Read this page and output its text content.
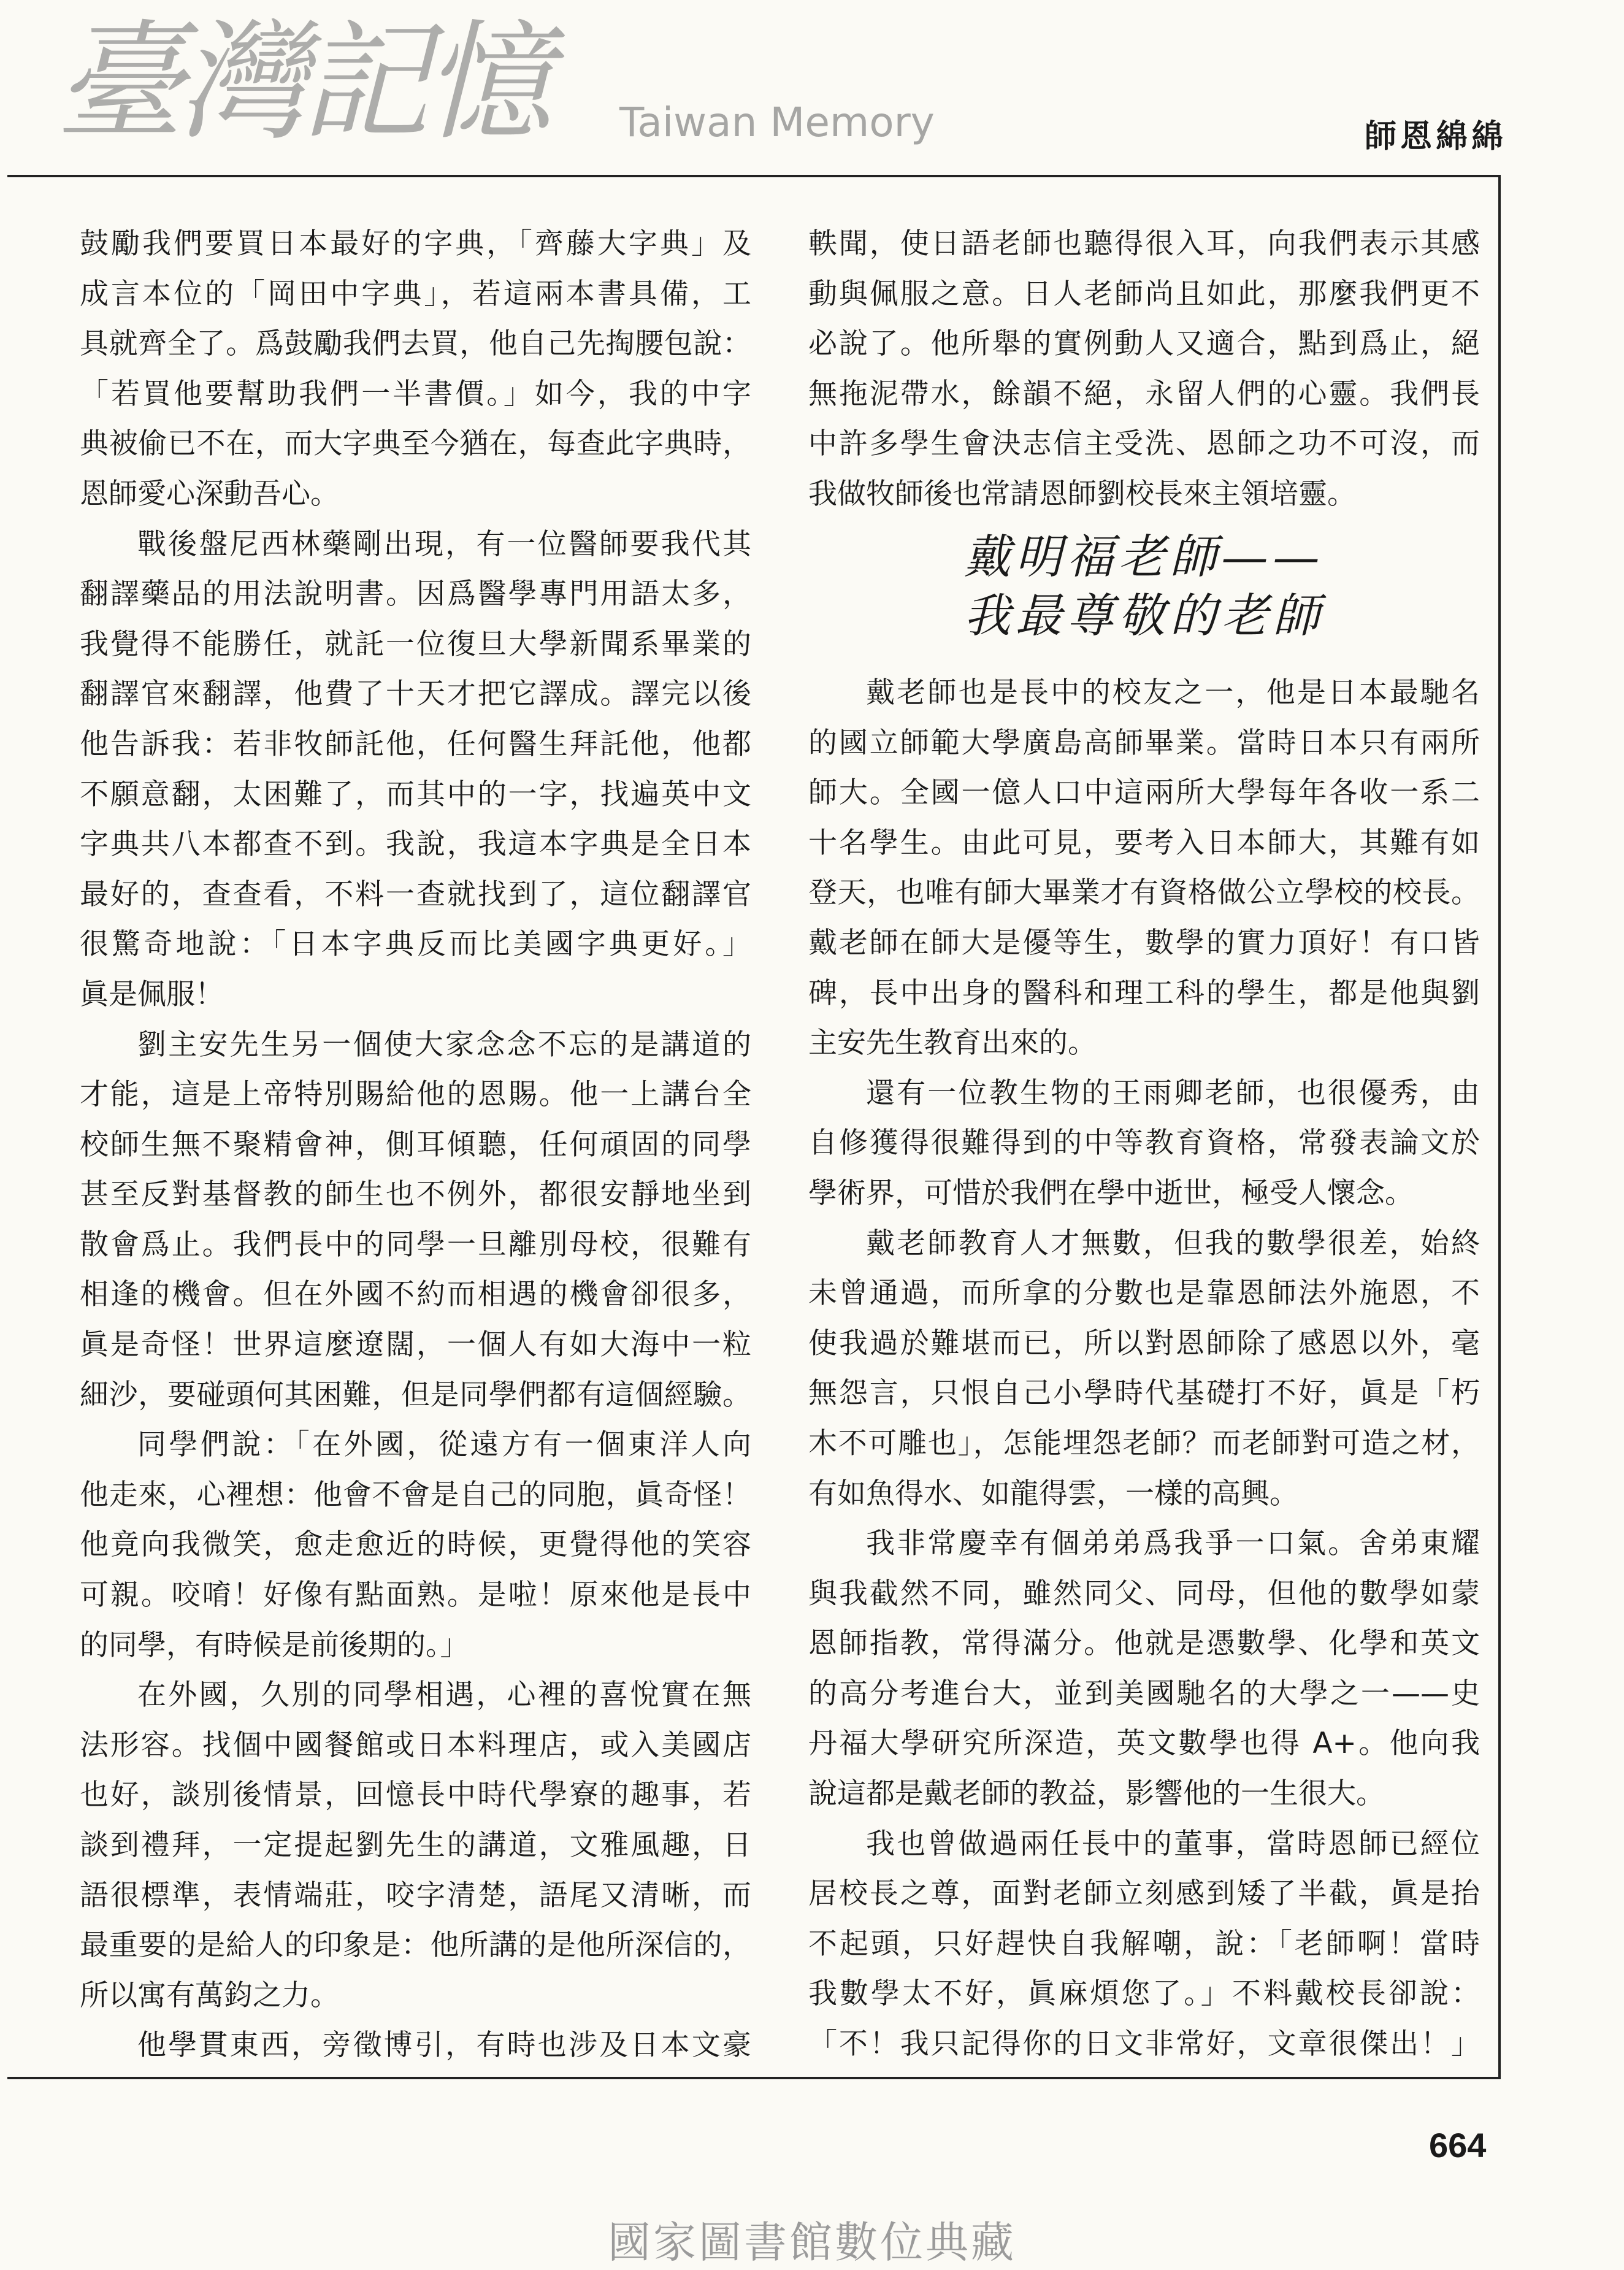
師恩綿綿
臺灣記憶 Taiwan Memory
鼓勵我們要買日本最好的字典，「齊藤大字典」及
成言本位的「岡田中字典」，若這兩本書具備，工
具就齊全了。爲鼓勵我們去買，他自己先掏腰包說：
「若買他要幫助我們一半書價。」如今，我的中字
典被偷已不在，而大字典至今猶在，每查此字典時，
恩師愛心深動吾心。
戰後盤尼西林藥剛出現，有一位醫師要我代其
翻譯藥品的用法說明書。因爲醫學專門用語太多，
我覺得不能勝任，就託一位復旦大學新聞系畢業的
翻譯官來翻譯，他費了十天才把它譯成。譯完以後
他告訴我：若非牧師託他，任何醫生拜託他，他都
不願意翻，太困難了，而其中的一字，找遍英中文
字典共八本都查不到。我說，我這本字典是全日本
最好的，查查看，不料一查就找到了，這位翻譯官
很驚奇地說：「日本字典反而比美國字典更好。」
眞是佩服！
劉主安先生另一個使大家念念不忘的是講道的
才能，這是上帝特別賜給他的恩賜。他一上講台全
校師生無不聚精會神，側耳傾聽，任何頑固的同學
甚至反對基督教的師生也不例外，都很安靜地坐到
散會爲止。我們長中的同學一旦離別母校，很難有
相逢的機會。但在外國不約而相遇的機會卻很多，
眞是奇怪！世界這麼遼闊，一個人有如大海中一粒
細沙，要碰頭何其困難，但是同學們都有這個經驗。
同學們說：「在外國，從遠方有一個東洋人向
他走來，心裡想：他會不會是自己的同胞，眞奇怪！
他竟向我微笑，愈走愈近的時候，更覺得他的笑容
可親。咬唷！好像有點面熟。是啦！原來他是長中
的同學，有時候是前後期的。」
在外國，久別的同學相遇，心裡的喜悅實在無
法形容。找個中國餐館或日本料理店，或入美國店
也好，談別後情景，回憶長中時代學寮的趣事，若
談到禮拜，一定提起劉先生的講道，文雅風趣，日
語很標準，表情端莊，咬字清楚，語尾又清晰，而
最重要的是給人的印象是：他所講的是他所深信的，
所以寓有萬鈞之力。
他學貫東西，旁徵博引，有時也涉及日本文豪
軼聞，使日語老師也聽得很入耳，向我們表示其感
動與佩服之意。日人老師尚且如此，那麼我們更不
必說了。他所舉的實例動人又適合，點到爲止，絕
無拖泥帶水，餘韻不絕，永留人們的心靈。我們長
中許多學生會決志信主受洗、恩師之功不可沒，而
我做牧師後也常請恩師劉校長來主領培靈。
戴明福老師——
我最尊敬的老師
戴老師也是長中的校友之一，他是日本最馳名
的國立師範大學廣島高師畢業。當時日本只有兩所
師大。全國一億人口中這兩所大學每年各收一系二
十名學生。由此可見，要考入日本師大，其難有如
登天，也唯有師大畢業才有資格做公立學校的校長。
戴老師在師大是優等生，數學的實力頂好！有口皆
碑，長中出身的醫科和理工科的學生，都是他與劉
主安先生教育出來的。
還有一位教生物的王雨卿老師，也很優秀，由
自修獲得很難得到的中等教育資格，常發表論文於
學術界，可惜於我們在學中逝世，極受人懷念。
戴老師教育人才無數，但我的數學很差，始終
未曾通過，而所拿的分數也是靠恩師法外施恩，不
使我過於難堪而已，所以對恩師除了感恩以外，毫
無怨言，只恨自己小學時代基礎打不好，眞是「朽
木不可雕也」，怎能埋怨老師？而老師對可造之材，
有如魚得水、如龍得雲，一樣的高興。
我非常慶幸有個弟弟爲我爭一口氣。舍弟東耀
與我截然不同，雖然同父、同母，但他的數學如蒙
恩師指教，常得滿分。他就是憑數學、化學和英文
的高分考進台大，並到美國馳名的大學之一——史
丹福大學研究所深造，英文數學也得 A+。他向我
說這都是戴老師的教益，影響他的一生很大。
我也曾做過兩任長中的董事，當時恩師已經位
居校長之尊，面對老師立刻感到矮了半截，眞是抬
不起頭，只好趕快自我解嘲，說：「老師啊！當時
我數學太不好，眞麻煩您了。」不料戴校長卻說：
「不！我只記得你的日文非常好，文章很傑出！」
664
國家圖書館數位典藏
